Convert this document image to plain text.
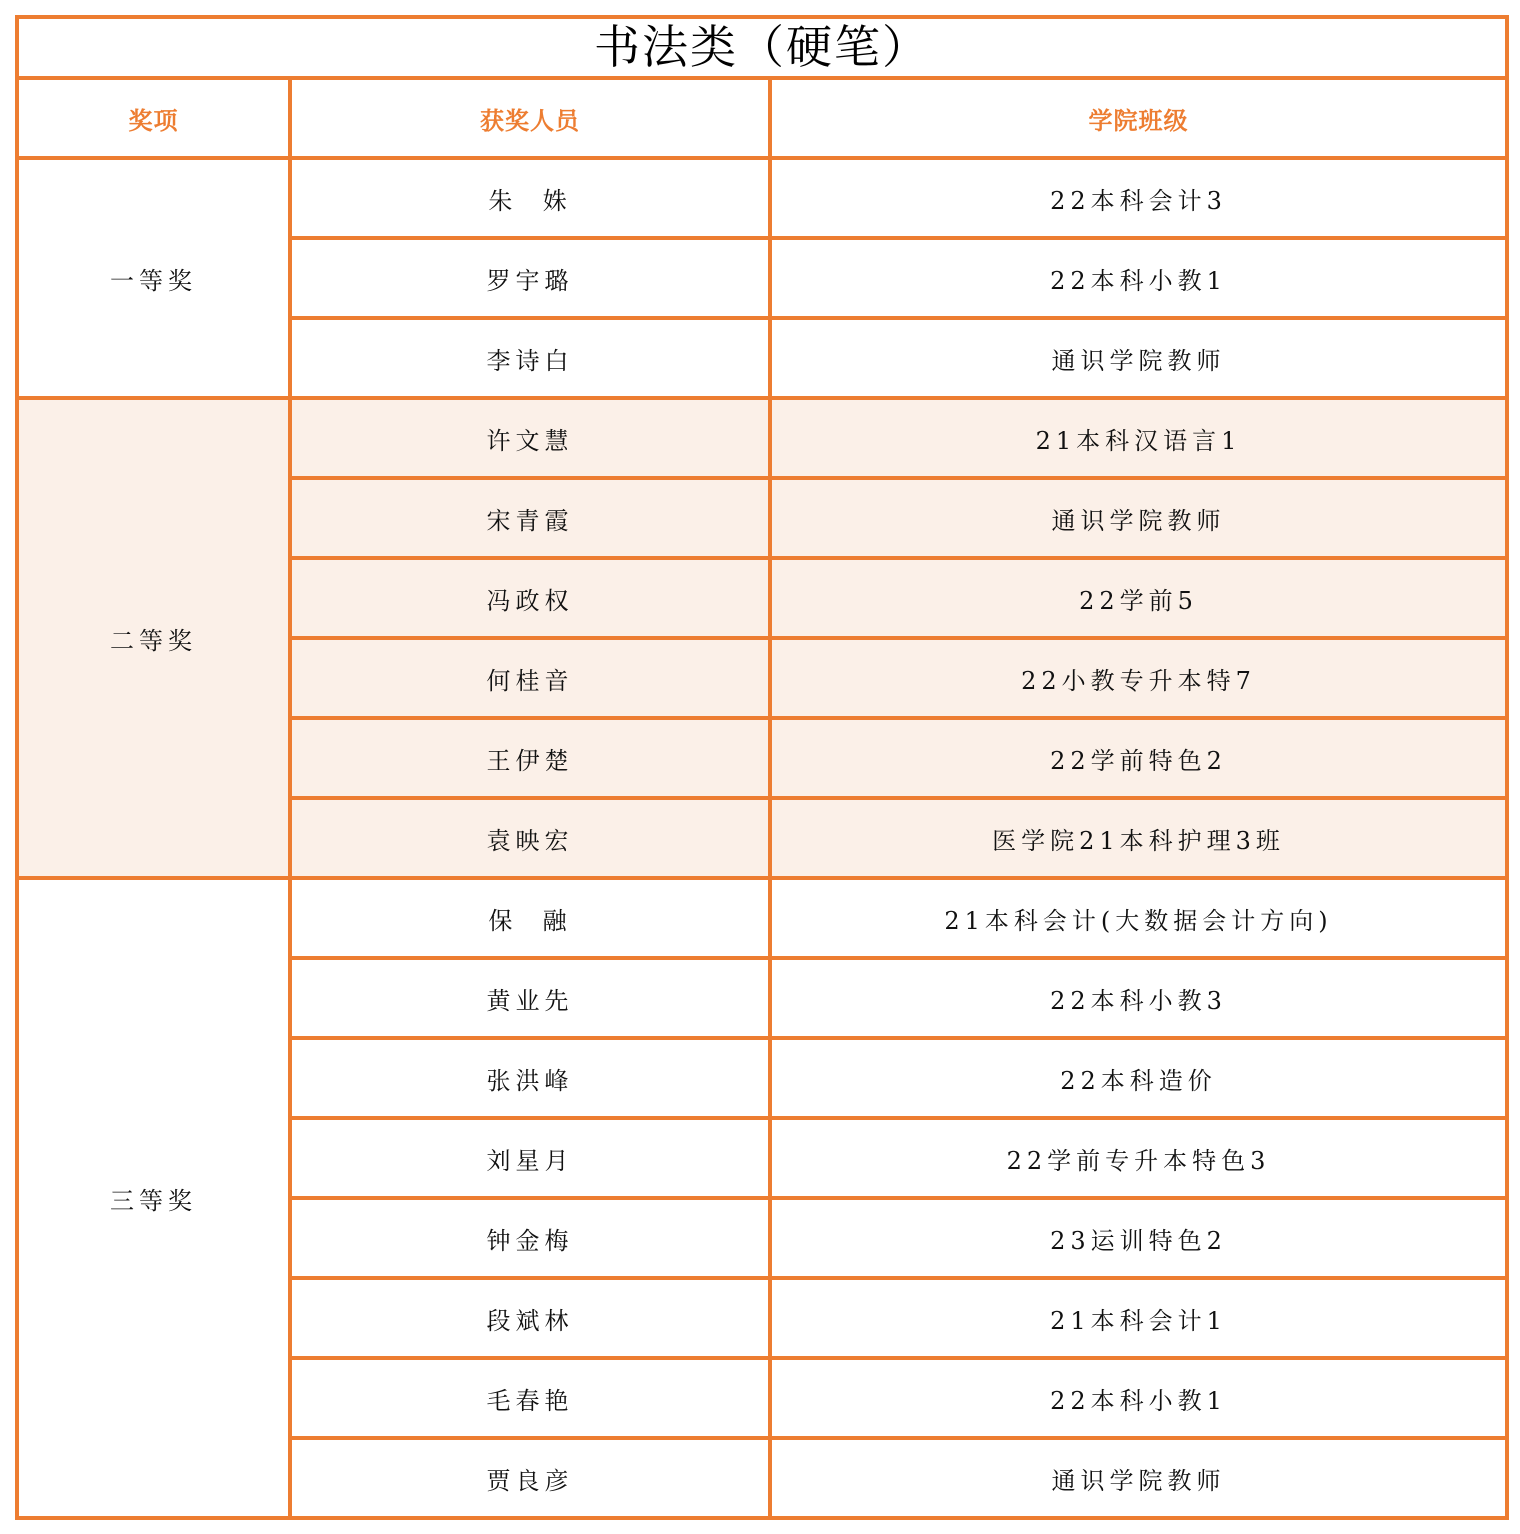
书法类（硬笔）		
奖项	获奖人员	学院班级
一等奖	朱  姝	22本科会计3
	罗宇璐	22本科小教1
	李诗白	通识学院教师
二等奖	许文慧	21本科汉语言1
	宋青霞	通识学院教师
	冯政权	22学前5
	何桂音	22小教专升本特7
	王伊楚	22学前特色2
	袁映宏	医学院21本科护理3班
三等奖	保  融	21本科会计(大数据会计方向)
	黄业先	22本科小教3
	张洪峰	22本科造价
	刘星月	22学前专升本特色3
	钟金梅	23运训特色2
	段斌林	21本科会计1
	毛春艳	22本科小教1
	贾良彦	通识学院教师
